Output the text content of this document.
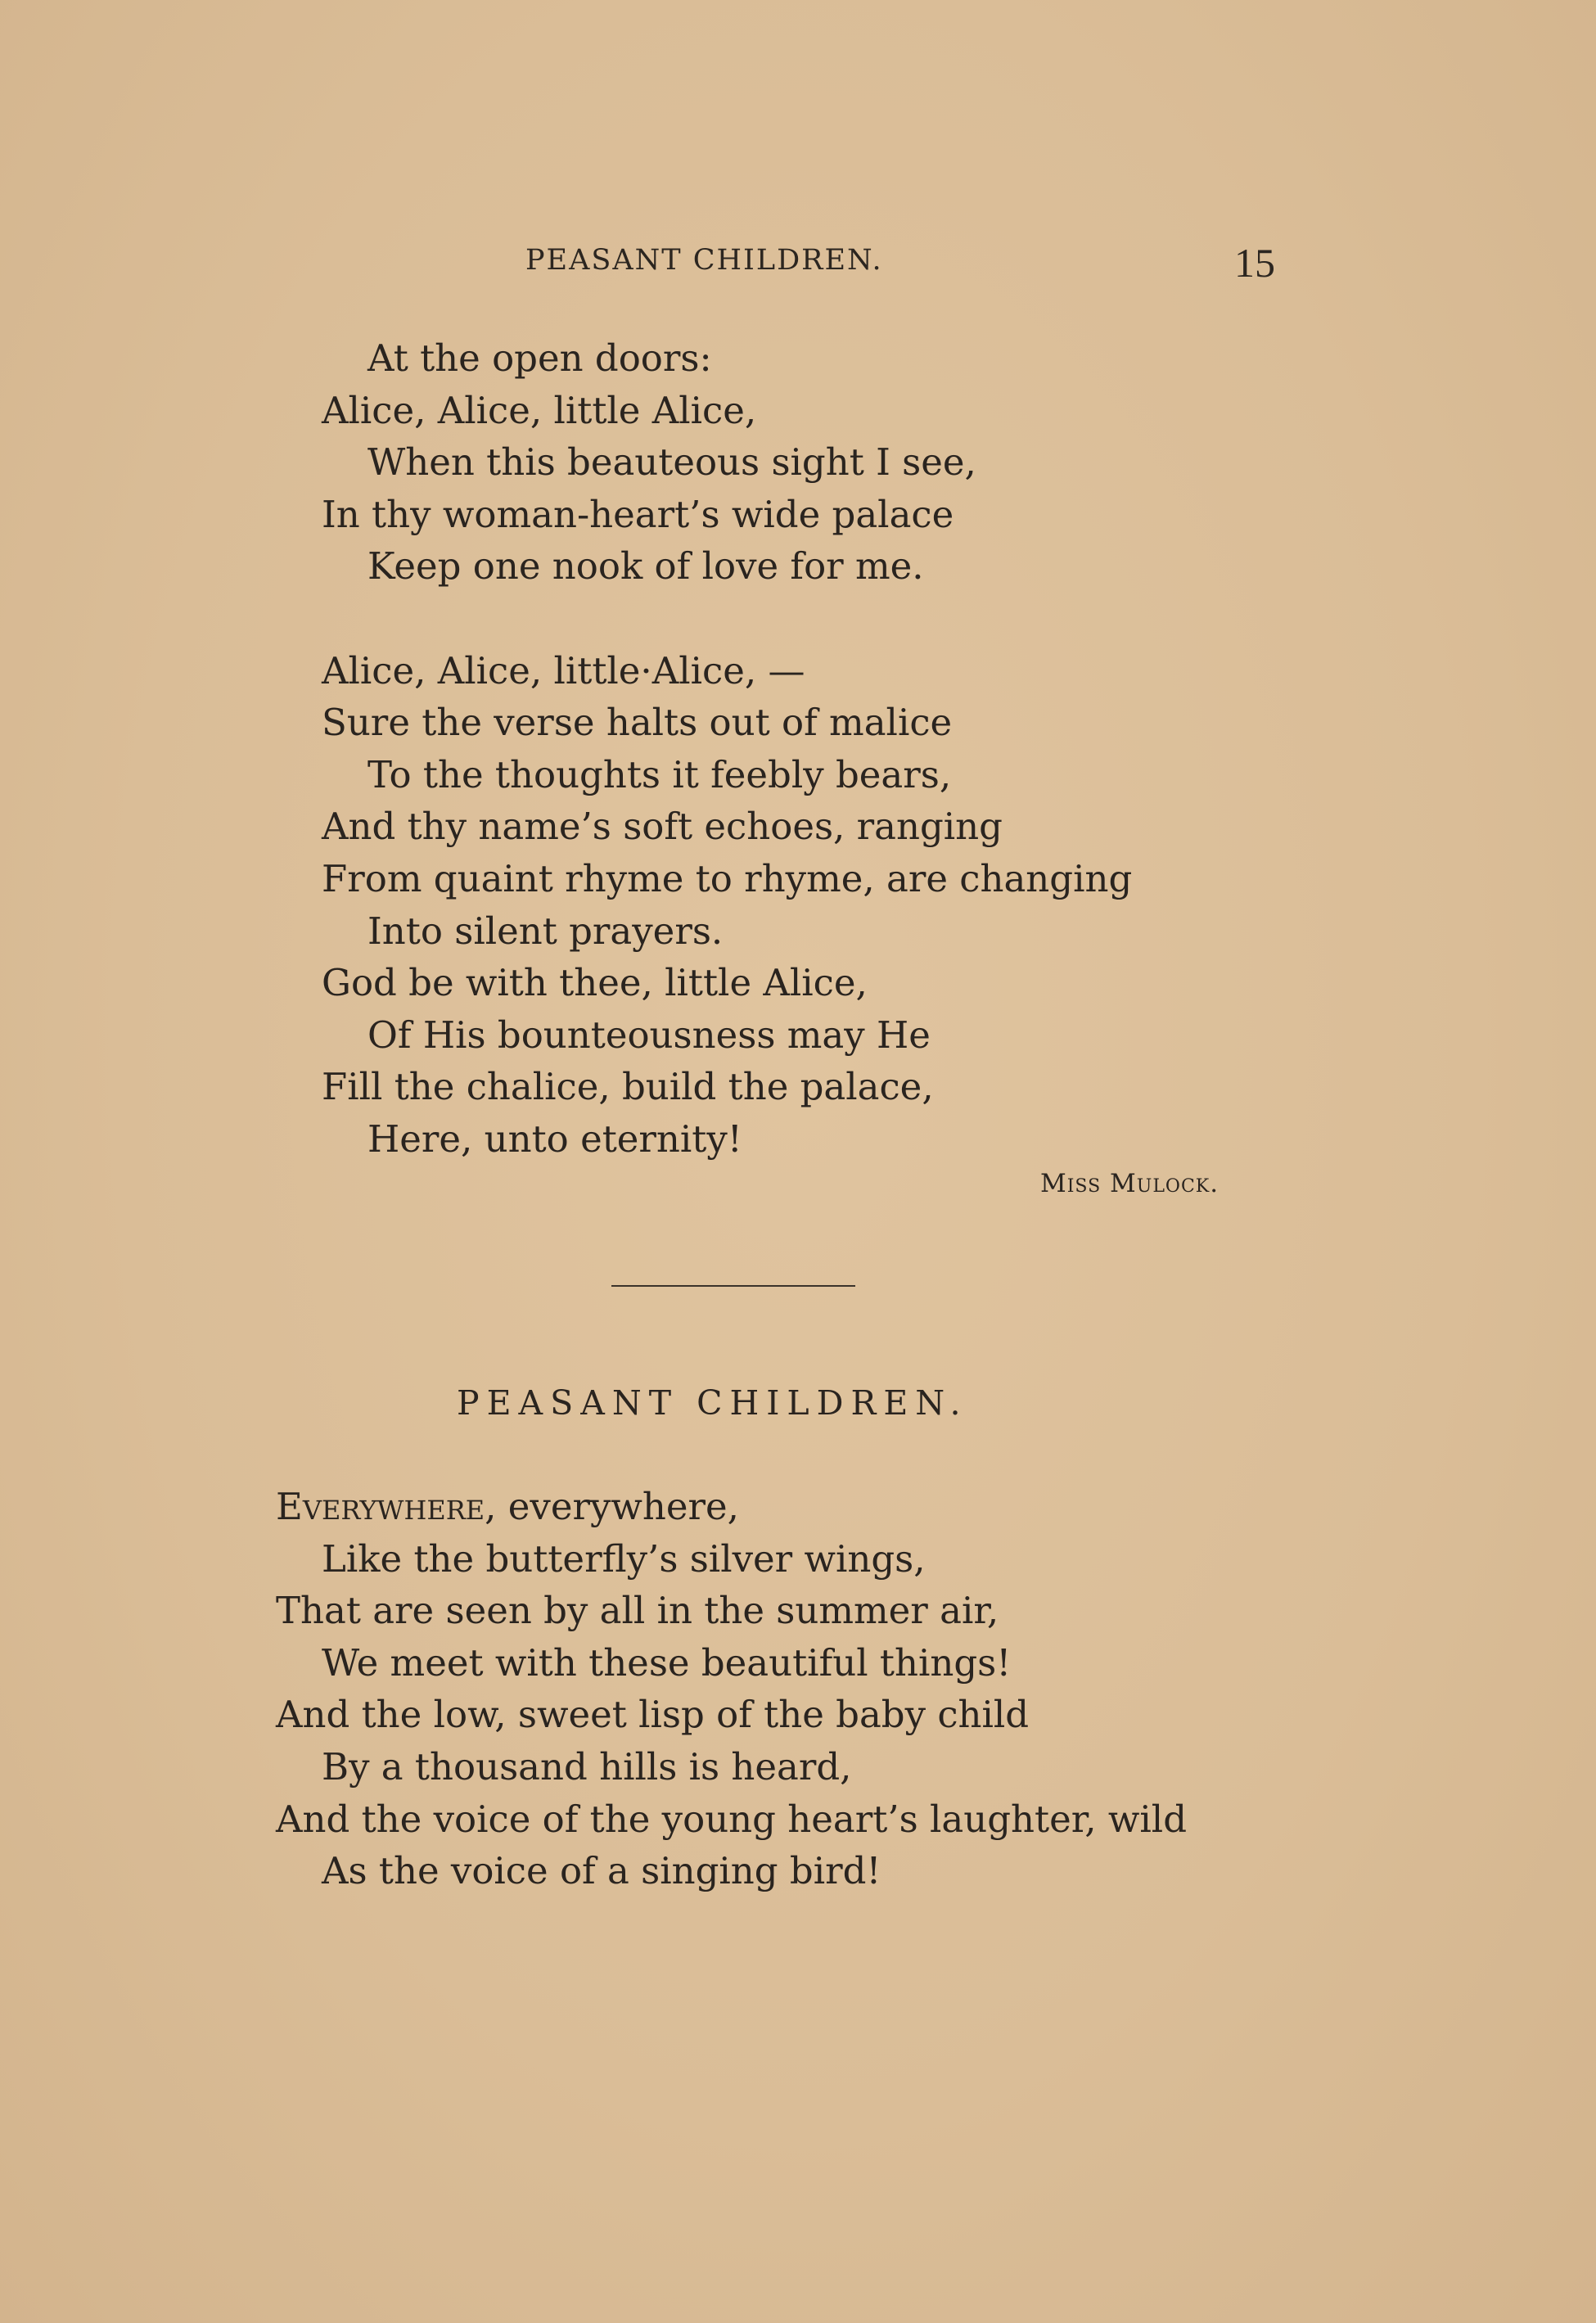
PEASANT CHILDREN.	15
At the open doors:
Alice, Alice, little Alice,
When this beauteous sight I see,
In thy woman-heart’s wide palace
Keep one nook of love for me.
Alice, Alice, little·Alice, —
Sure the verse halts out of malice
To the thoughts it feebly bears,
And thy name’s soft echoes, ranging
From quaint rhyme to rhyme, are changing
Into silent prayers.
God be with thee, little Alice,
Of His bounteousness may He
Fill the chalice, build the palace,
Here, unto eternity!
Miss Mulock.
PEASANT CHILDREN.
Everywhere, everywhere,
Like the butterfly’s silver wings,
That are seen by all in the summer air,
We meet with these beautiful things!
And the low, sweet lisp of the baby child
By a thousand hills is heard,
And the voice of the young heart’s laughter, wild
As the voice of a singing bird!
